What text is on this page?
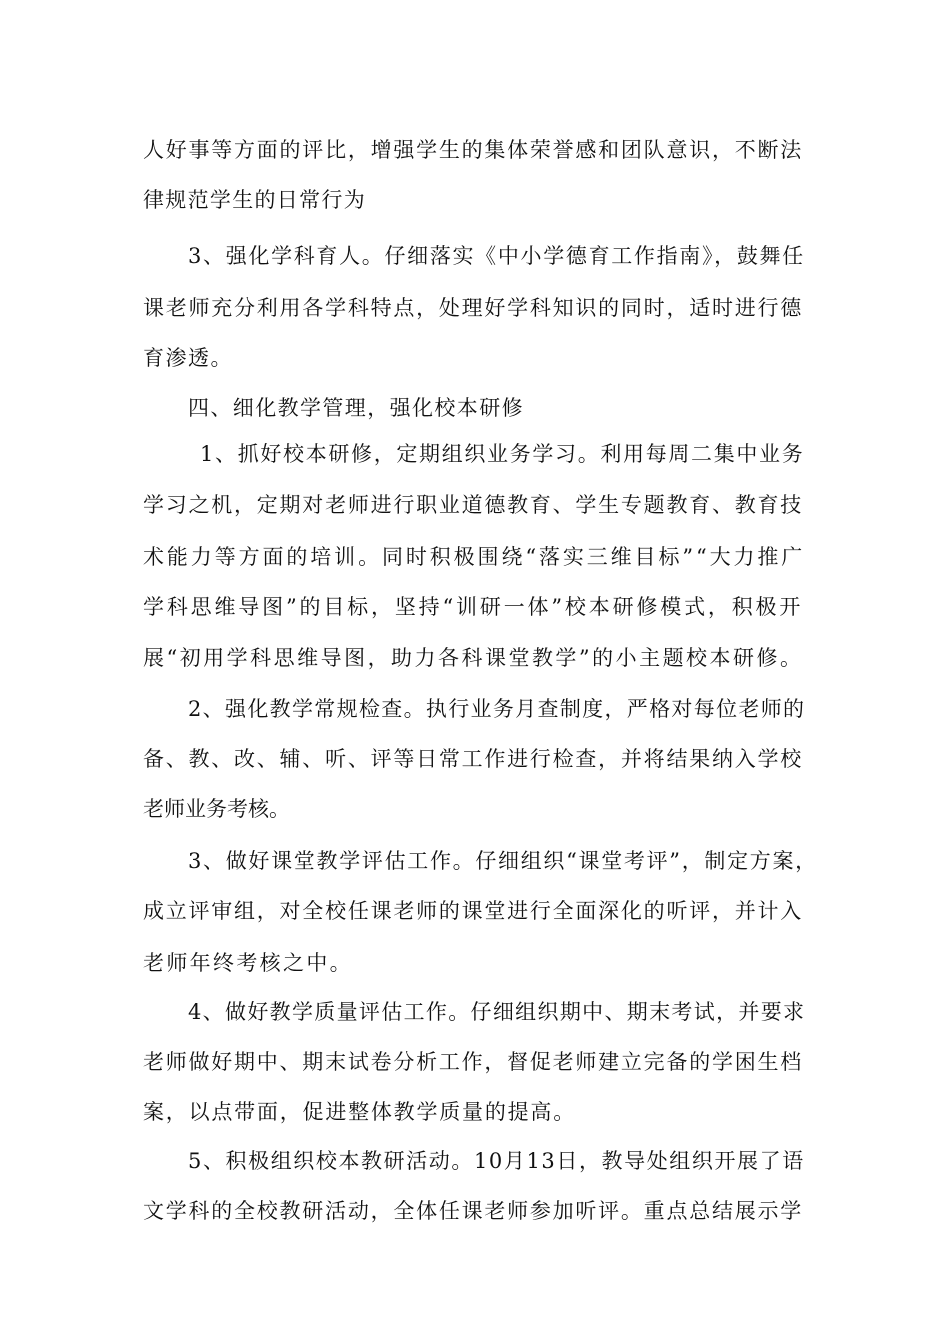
人好事等方面的评比，增强学生的集体荣誉感和团队意识，不断法
律规范学生的日常行为
3、强化学科育人。仔细落实《中小学德育工作指南》，鼓舞任
课老师充分利用各学科特点，处理好学科知识的同时，适时进行德
育渗透。
四、细化教学管理，强化校本研修
1、抓好校本研修，定期组织业务学习。利用每周二集中业务
学习之机，定期对老师进行职业道德教育、学生专题教育、教育技
术能力等方面的培训。同时积极围绕“落实三维目标”“大力推广
学科思维导图”的目标，坚持“训研一体”校本研修模式，积极开
展“初用学科思维导图，助力各科课堂教学”的小主题校本研修。
2、强化教学常规检查。执行业务月查制度，严格对每位老师的
备、教、改、辅、听、评等日常工作进行检查，并将结果纳入学校
老师业务考核。
3、做好课堂教学评估工作。仔细组织“课堂考评”，制定方案，
成立评审组，对全校任课老师的课堂进行全面深化的听评，并计入
老师年终考核之中。
4、做好教学质量评估工作。仔细组织期中、期末考试，并要求
老师做好期中、期末试卷分析工作，督促老师建立完备的学困生档
案，以点带面，促进整体教学质量的提高。
5、积极组织校本教研活动。10月13日，教导处组织开展了语
文学科的全校教研活动，全体任课老师参加听评。重点总结展示学
